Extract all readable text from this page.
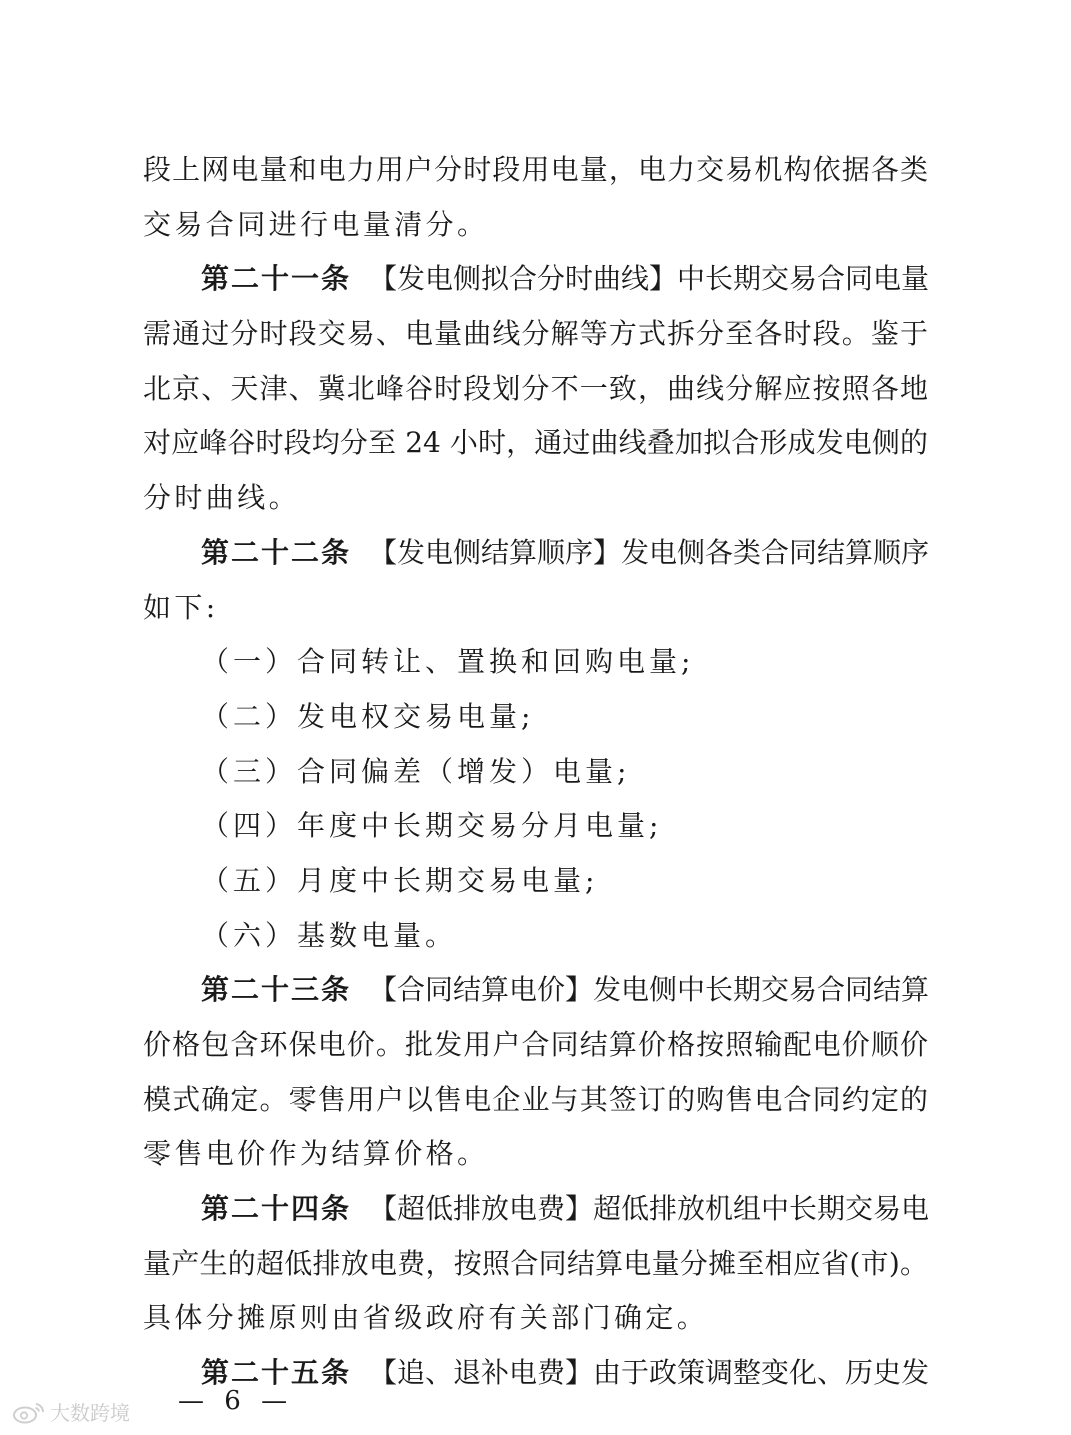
段上网电量和电力用户分时段用电量，电力交易机构依据各类
交易合同进行电量清分。
第二十一条 【发电侧拟合分时曲线】中长期交易合同电量
需通过分时段交易、电量曲线分解等方式拆分至各时段。鉴于
北京、天津、冀北峰谷时段划分不一致，曲线分解应按照各地
对应峰谷时段均分至 24 小时，通过曲线叠加拟合形成发电侧的
分时曲线。
第二十二条 【发电侧结算顺序】发电侧各类合同结算顺序
如下:
（一）合同转让、置换和回购电量;
（二）发电权交易电量;
（三）合同偏差（增发）电量;
（四）年度中长期交易分月电量;
（五）月度中长期交易电量;
（六）基数电量。
第二十三条 【合同结算电价】发电侧中长期交易合同结算
价格包含环保电价。批发用户合同结算价格按照输配电价顺价
模式确定。零售用户以售电企业与其签订的购售电合同约定的
零售电价作为结算价格。
第二十四条 【超低排放电费】超低排放机组中长期交易电
量产生的超低排放电费，按照合同结算电量分摊至相应省(市)。
具体分摊原则由省级政府有关部门确定。
第二十五条 【追、退补电费】由于政策调整变化、历史发
大数跨境 — 6 —
